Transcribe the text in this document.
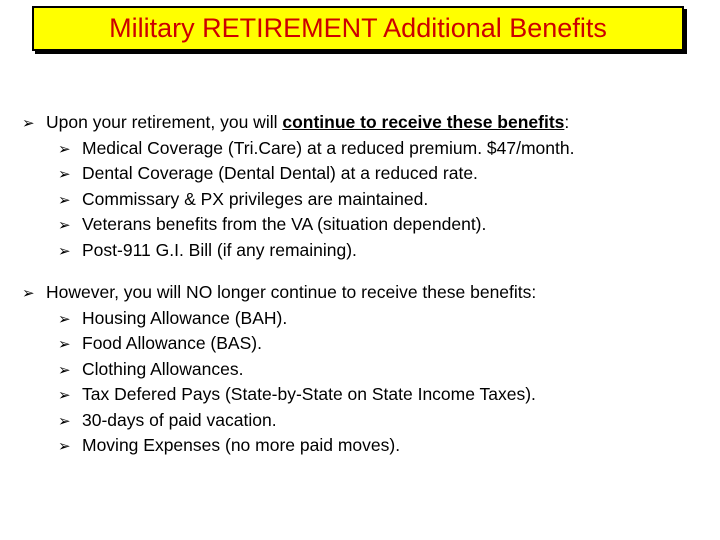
Military RETIREMENT Additional Benefits
➢ Upon your retirement, you will continue to receive these benefits:
➢ Medical Coverage (Tri.Care) at a reduced premium. $47/month.
➢ Dental Coverage (Dental Dental) at a reduced rate.
➢ Commissary & PX privileges are maintained.
➢ Veterans benefits from the VA (situation dependent).
➢ Post-911 G.I. Bill (if any remaining).
➢ However, you will NO longer continue to receive these benefits:
➢ Housing Allowance (BAH).
➢ Food Allowance (BAS).
➢ Clothing Allowances.
➢ Tax Defered Pays (State-by-State on State Income Taxes).
➢ 30-days of paid vacation.
➢ Moving Expenses (no more paid moves).
